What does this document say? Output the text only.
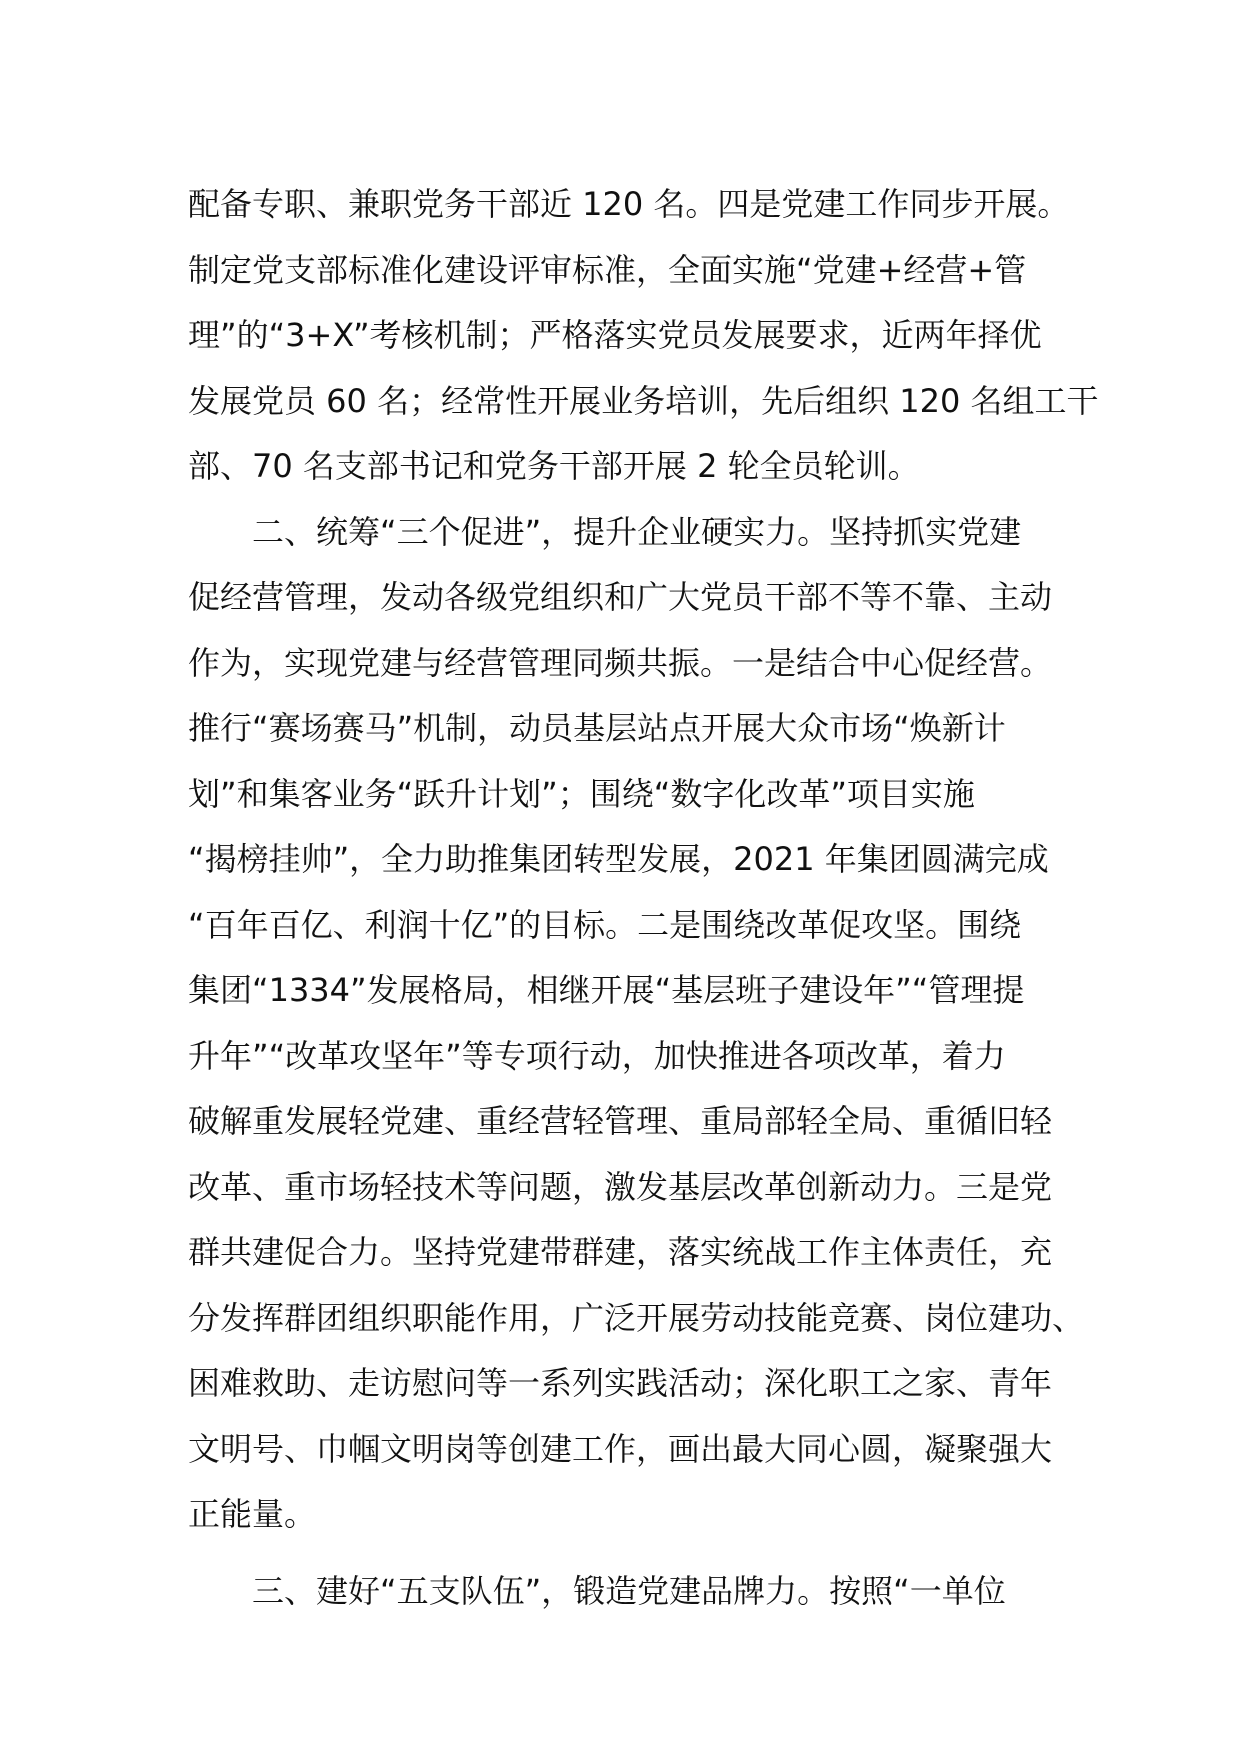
配备专职、兼职党务干部近 120 名。四是党建工作同步开展。
制定党支部标准化建设评审标准，全面实施“党建+经营+管
理”的“3+X”考核机制；严格落实党员发展要求，近两年择优
发展党员 60 名；经常性开展业务培训，先后组织 120 名组工干
部、70 名支部书记和党务干部开展 2 轮全员轮训。
　　二、统筹“三个促进”，提升企业硬实力。坚持抓实党建
促经营管理，发动各级党组织和广大党员干部不等不靠、主动
作为，实现党建与经营管理同频共振。一是结合中心促经营。
推行“赛场赛马”机制，动员基层站点开展大众市场“焕新计
划”和集客业务“跃升计划”；围绕“数字化改革”项目实施
“揭榜挂帅”，全力助推集团转型发展，2021 年集团圆满完成
“百年百亿、利润十亿”的目标。二是围绕改革促攻坚。围绕
集团“1334”发展格局，相继开展“基层班子建设年”“管理提
升年”“改革攻坚年”等专项行动，加快推进各项改革，着力
破解重发展轻党建、重经营轻管理、重局部轻全局、重循旧轻
改革、重市场轻技术等问题，激发基层改革创新动力。三是党
群共建促合力。坚持党建带群建，落实统战工作主体责任，充
分发挥群团组织职能作用，广泛开展劳动技能竞赛、岗位建功、
困难救助、走访慰问等一系列实践活动；深化职工之家、青年
文明号、巾帼文明岗等创建工作，画出最大同心圆，凝聚强大
正能量。
　　三、建好“五支队伍”，锻造党建品牌力。按照“一单位
